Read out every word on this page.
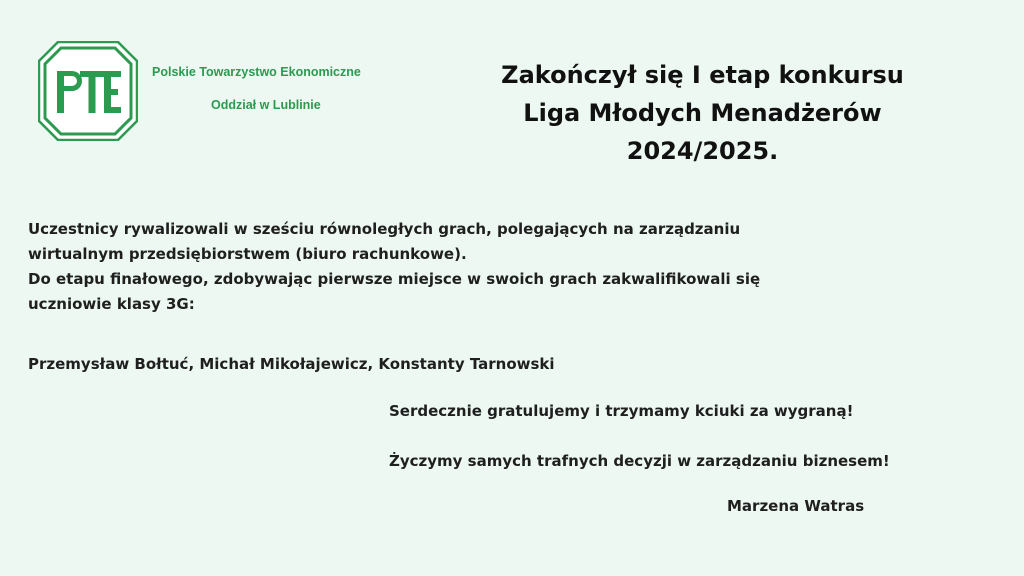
Polskie Towarzystwo Ekonomiczne
Oddział w Lublinie
Zakończył się I etap konkursu
Liga Młodych Menadżerów
2024/2025.
Uczestnicy rywalizowali w sześciu równoległych grach, polegających na zarządzaniu
wirtualnym przedsiębiorstwem (biuro rachunkowe).
Do etapu finałowego, zdobywając pierwsze miejsce w swoich grach zakwalifikowali się
uczniowie klasy 3G:
Przemysław Bołtuć, Michał Mikołajewicz, Konstanty Tarnowski
Serdecznie gratulujemy i trzymamy kciuki za wygraną!
Życzymy samych trafnych decyzji w zarządzaniu biznesem!
Marzena Watras
